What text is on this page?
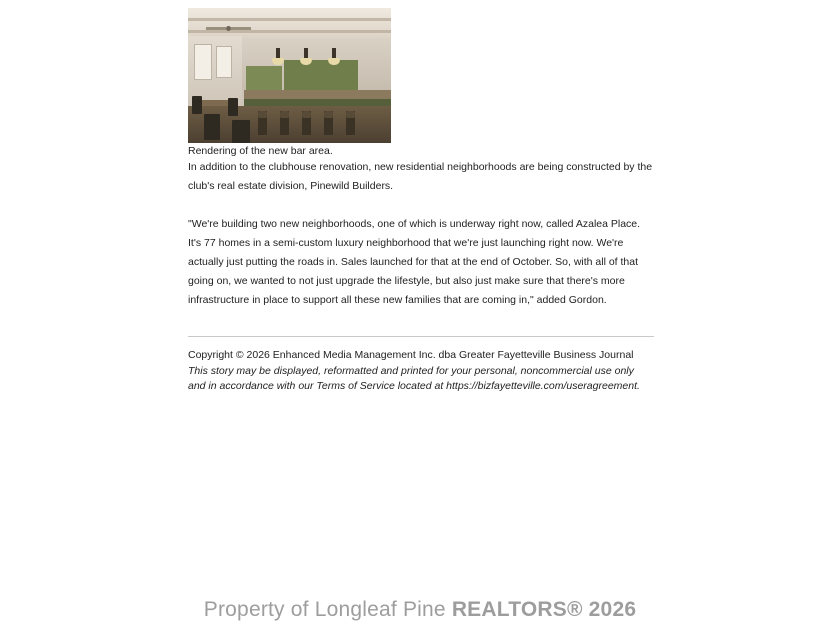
Rendering of the new bar area.

In addition to the clubhouse renovation, new residential neighborhoods are being constructed by the club's real estate division, Pinewild Builders.

"We're building two new neighborhoods, one of which is underway right now, called Azalea Place. It's 77 homes in a semi-custom luxury neighborhood that we're just launching right now. We're actually just putting the roads in. Sales launched for that at the end of October. So, with all of that going on, we wanted to not just upgrade the lifestyle, but also just make sure that there's more infrastructure in place to support all these new families that are coming in," added Gordon.

Copyright © 2026 Enhanced Media Management Inc. dba Greater Fayetteville Business Journal
This story may be displayed, reformatted and printed for your personal, noncommercial use only and in accordance with our Terms of Service located at https://bizfayetteville.com/useragreement.
Property of Longleaf Pine REALTORS® 2026
